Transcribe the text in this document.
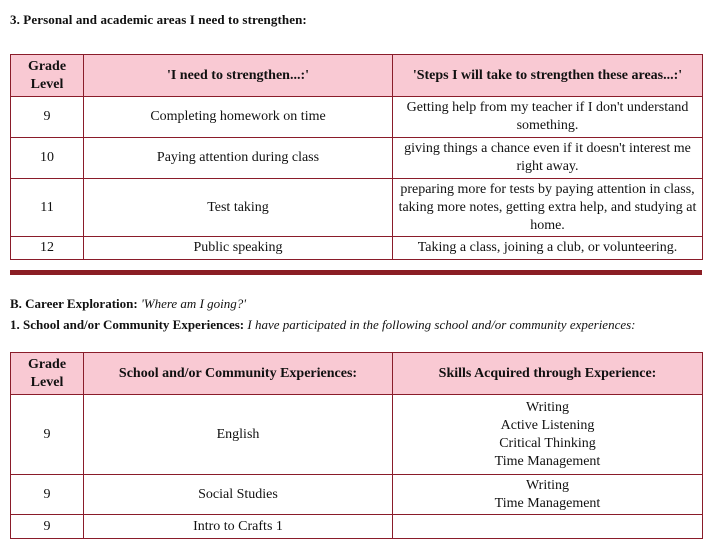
3. Personal and academic areas I need to strengthen:
Grade Level	'I need to strengthen...:'	'Steps I will take to strengthen these areas...:'
9	Completing homework on time	Getting help from my teacher if I don't understand something.
10	Paying attention during class	giving things a chance even if it doesn't interest me right away.
11	Test taking	preparing more for tests by paying attention in class, taking more notes, getting extra help, and studying at home.
12	Public speaking	Taking a class, joining a club, or volunteering.
B. Career Exploration: 'Where am I going?'
1. School and/or Community Experiences: I have participated in the following school and/or community experiences:
Grade Level	School and/or Community Experiences:	Skills Acquired through Experience:
9	English	Writing
Active Listening
Critical Thinking
Time Management

9	Social Studies	Writing
Time Management

9	Intro to Crafts 1	
